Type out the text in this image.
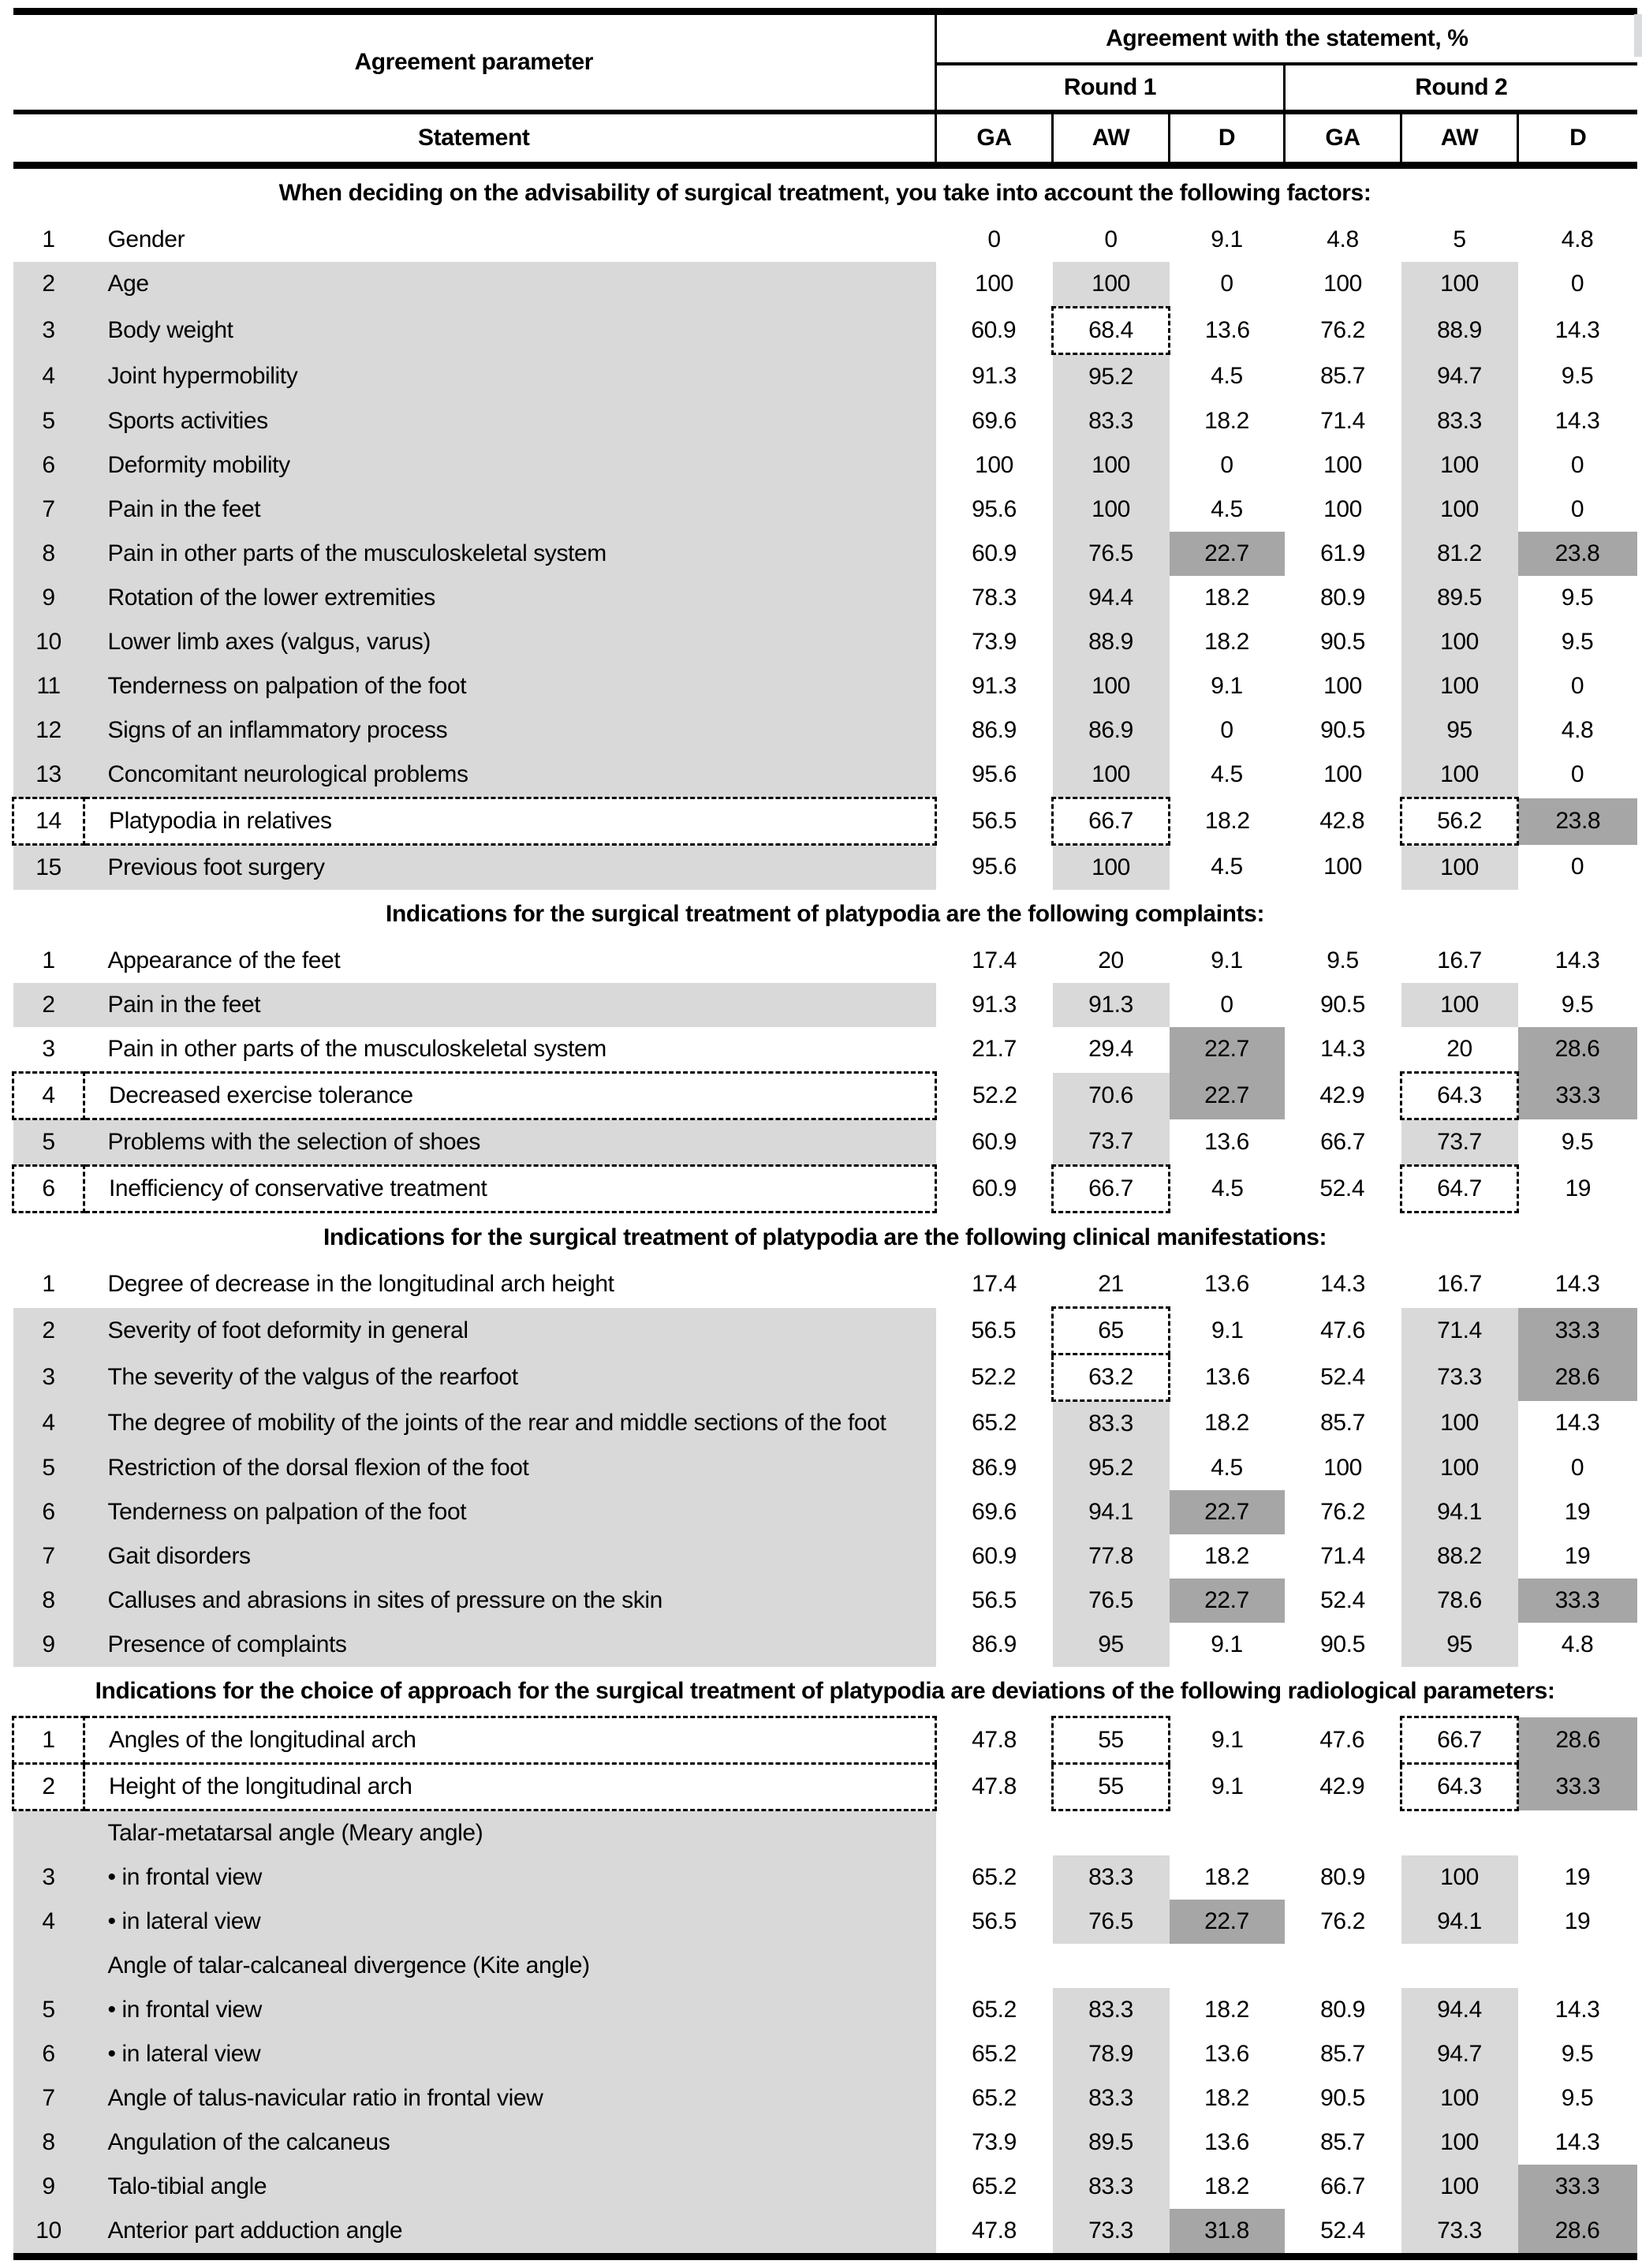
Agreement parameter		Agreement with the statement, %					
		Round 1			Round 2		
Statement		GA	AW	D	GA	AW	D
When deciding on the advisability of surgical treatment, you take into account the following factors:							
1	Gender	0	0	9.1	4.8	5	4.8
2	Age	100	100	0	100	100	0
3	Body weight	60.9	68.4	13.6	76.2	88.9	14.3
4	Joint hypermobility	91.3	95.2	4.5	85.7	94.7	9.5
5	Sports activities	69.6	83.3	18.2	71.4	83.3	14.3
6	Deformity mobility	100	100	0	100	100	0
7	Pain in the feet	95.6	100	4.5	100	100	0
8	Pain in other parts of the musculoskeletal system	60.9	76.5	22.7	61.9	81.2	23.8
9	Rotation of the lower extremities	78.3	94.4	18.2	80.9	89.5	9.5
10	Lower limb axes (valgus, varus)	73.9	88.9	18.2	90.5	100	9.5
11	Tenderness on palpation of the foot	91.3	100	9.1	100	100	0
12	Signs of an inflammatory process	86.9	86.9	0	90.5	95	4.8
13	Concomitant neurological problems	95.6	100	4.5	100	100	0
14	Platypodia in relatives	56.5	66.7	18.2	42.8	56.2	23.8
15	Previous foot surgery	95.6	100	4.5	100	100	0
Indications for the surgical treatment of platypodia are the following complaints:							
1	Appearance of the feet	17.4	20	9.1	9.5	16.7	14.3
2	Pain in the feet	91.3	91.3	0	90.5	100	9.5
3	Pain in other parts of the musculoskeletal system	21.7	29.4	22.7	14.3	20	28.6
4	Decreased exercise tolerance	52.2	70.6	22.7	42.9	64.3	33.3
5	Problems with the selection of shoes	60.9	73.7	13.6	66.7	73.7	9.5
6	Inefficiency of conservative treatment	60.9	66.7	4.5	52.4	64.7	19
Indications for the surgical treatment of platypodia are the following clinical manifestations:							
1	Degree of decrease in the longitudinal arch height	17.4	21	13.6	14.3	16.7	14.3
2	Severity of foot deformity in general	56.5	65	9.1	47.6	71.4	33.3
3	The severity of the valgus of the rearfoot	52.2	63.2	13.6	52.4	73.3	28.6
4	The degree of mobility of the joints of the rear and middle sections of the foot	65.2	83.3	18.2	85.7	100	14.3
5	Restriction of the dorsal flexion of the foot	86.9	95.2	4.5	100	100	0
6	Tenderness on palpation of the foot	69.6	94.1	22.7	76.2	94.1	19
7	Gait disorders	60.9	77.8	18.2	71.4	88.2	19
8	Calluses and abrasions in sites of pressure on the skin	56.5	76.5	22.7	52.4	78.6	33.3
9	Presence of complaints	86.9	95	9.1	90.5	95	4.8
Indications for the choice of approach for the surgical treatment of platypodia are deviations of the following radiological parameters:							
1	Angles of the longitudinal arch	47.8	55	9.1	47.6	66.7	28.6
2	Height of the longitudinal arch	47.8	55	9.1	42.9	64.3	33.3
	Talar-metatarsal angle (Meary angle)						
3	• in frontal view	65.2	83.3	18.2	80.9	100	19
4	• in lateral view	56.5	76.5	22.7	76.2	94.1	19
	Angle of talar-calcaneal divergence (Kite angle)						
5	• in frontal view	65.2	83.3	18.2	80.9	94.4	14.3
6	• in lateral view	65.2	78.9	13.6	85.7	94.7	9.5
7	Angle of talus-navicular ratio in frontal view	65.2	83.3	18.2	90.5	100	9.5
8	Angulation of the calcaneus	73.9	89.5	13.6	85.7	100	14.3
9	Talo-tibial angle	65.2	83.3	18.2	66.7	100	33.3
10	Anterior part adduction angle	47.8	73.3	31.8	52.4	73.3	28.6
